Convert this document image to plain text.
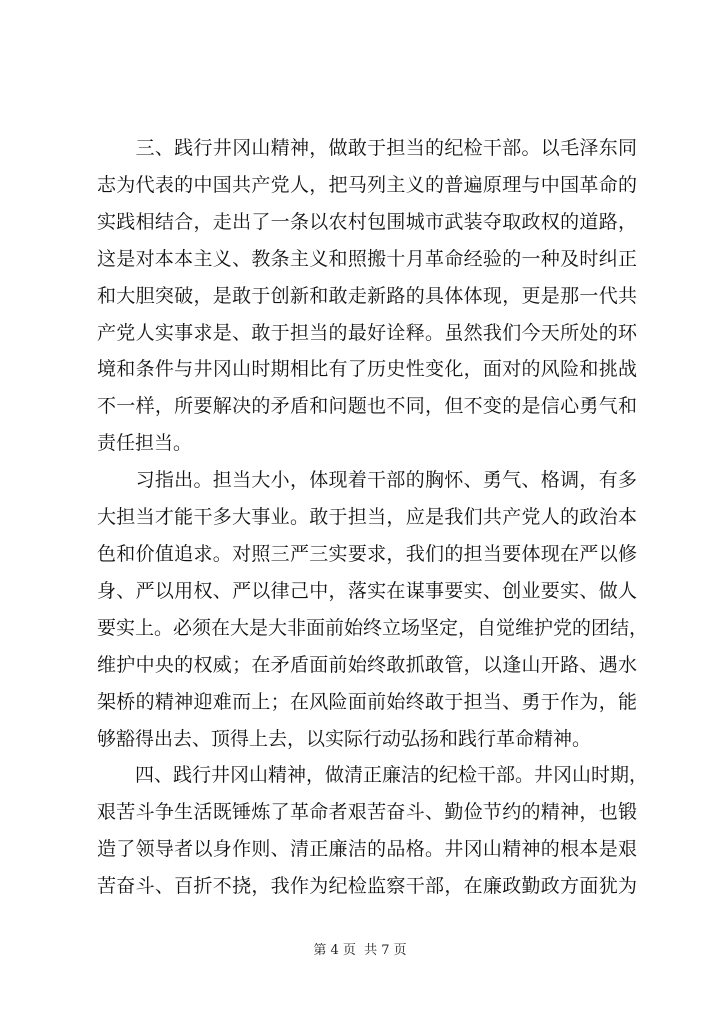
　　三、践行井冈山精神，做敢于担当的纪检干部。以毛泽东同
志为代表的中国共产党人，把马列主义的普遍原理与中国革命的
实践相结合，走出了一条以农村包围城市武装夺取政权的道路，
这是对本本主义、教条主义和照搬十月革命经验的一种及时纠正
和大胆突破，是敢于创新和敢走新路的具体体现，更是那一代共
产党人实事求是、敢于担当的最好诠释。虽然我们今天所处的环
境和条件与井冈山时期相比有了历史性变化，面对的风险和挑战
不一样，所要解决的矛盾和问题也不同，但不变的是信心勇气和
责任担当。

　　习指出。担当大小，体现着干部的胸怀、勇气、格调，有多
大担当才能干多大事业。敢于担当，应是我们共产党人的政治本
色和价值追求。对照三严三实要求，我们的担当要体现在严以修
身、严以用权、严以律己中，落实在谋事要实、创业要实、做人
要实上。必须在大是大非面前始终立场坚定，自觉维护党的团结，
维护中央的权威；在矛盾面前始终敢抓敢管，以逢山开路、遇水
架桥的精神迎难而上；在风险面前始终敢于担当、勇于作为，能
够豁得出去、顶得上去，以实际行动弘扬和践行革命精神。

　　四、践行井冈山精神，做清正廉洁的纪检干部。井冈山时期，
艰苦斗争生活既锤炼了革命者艰苦奋斗、勤俭节约的精神，也锻
造了领导者以身作则、清正廉洁的品格。井冈山精神的根本是艰
苦奋斗、百折不挠，我作为纪检监察干部，在廉政勤政方面犹为

第 4 页 共 7 页
